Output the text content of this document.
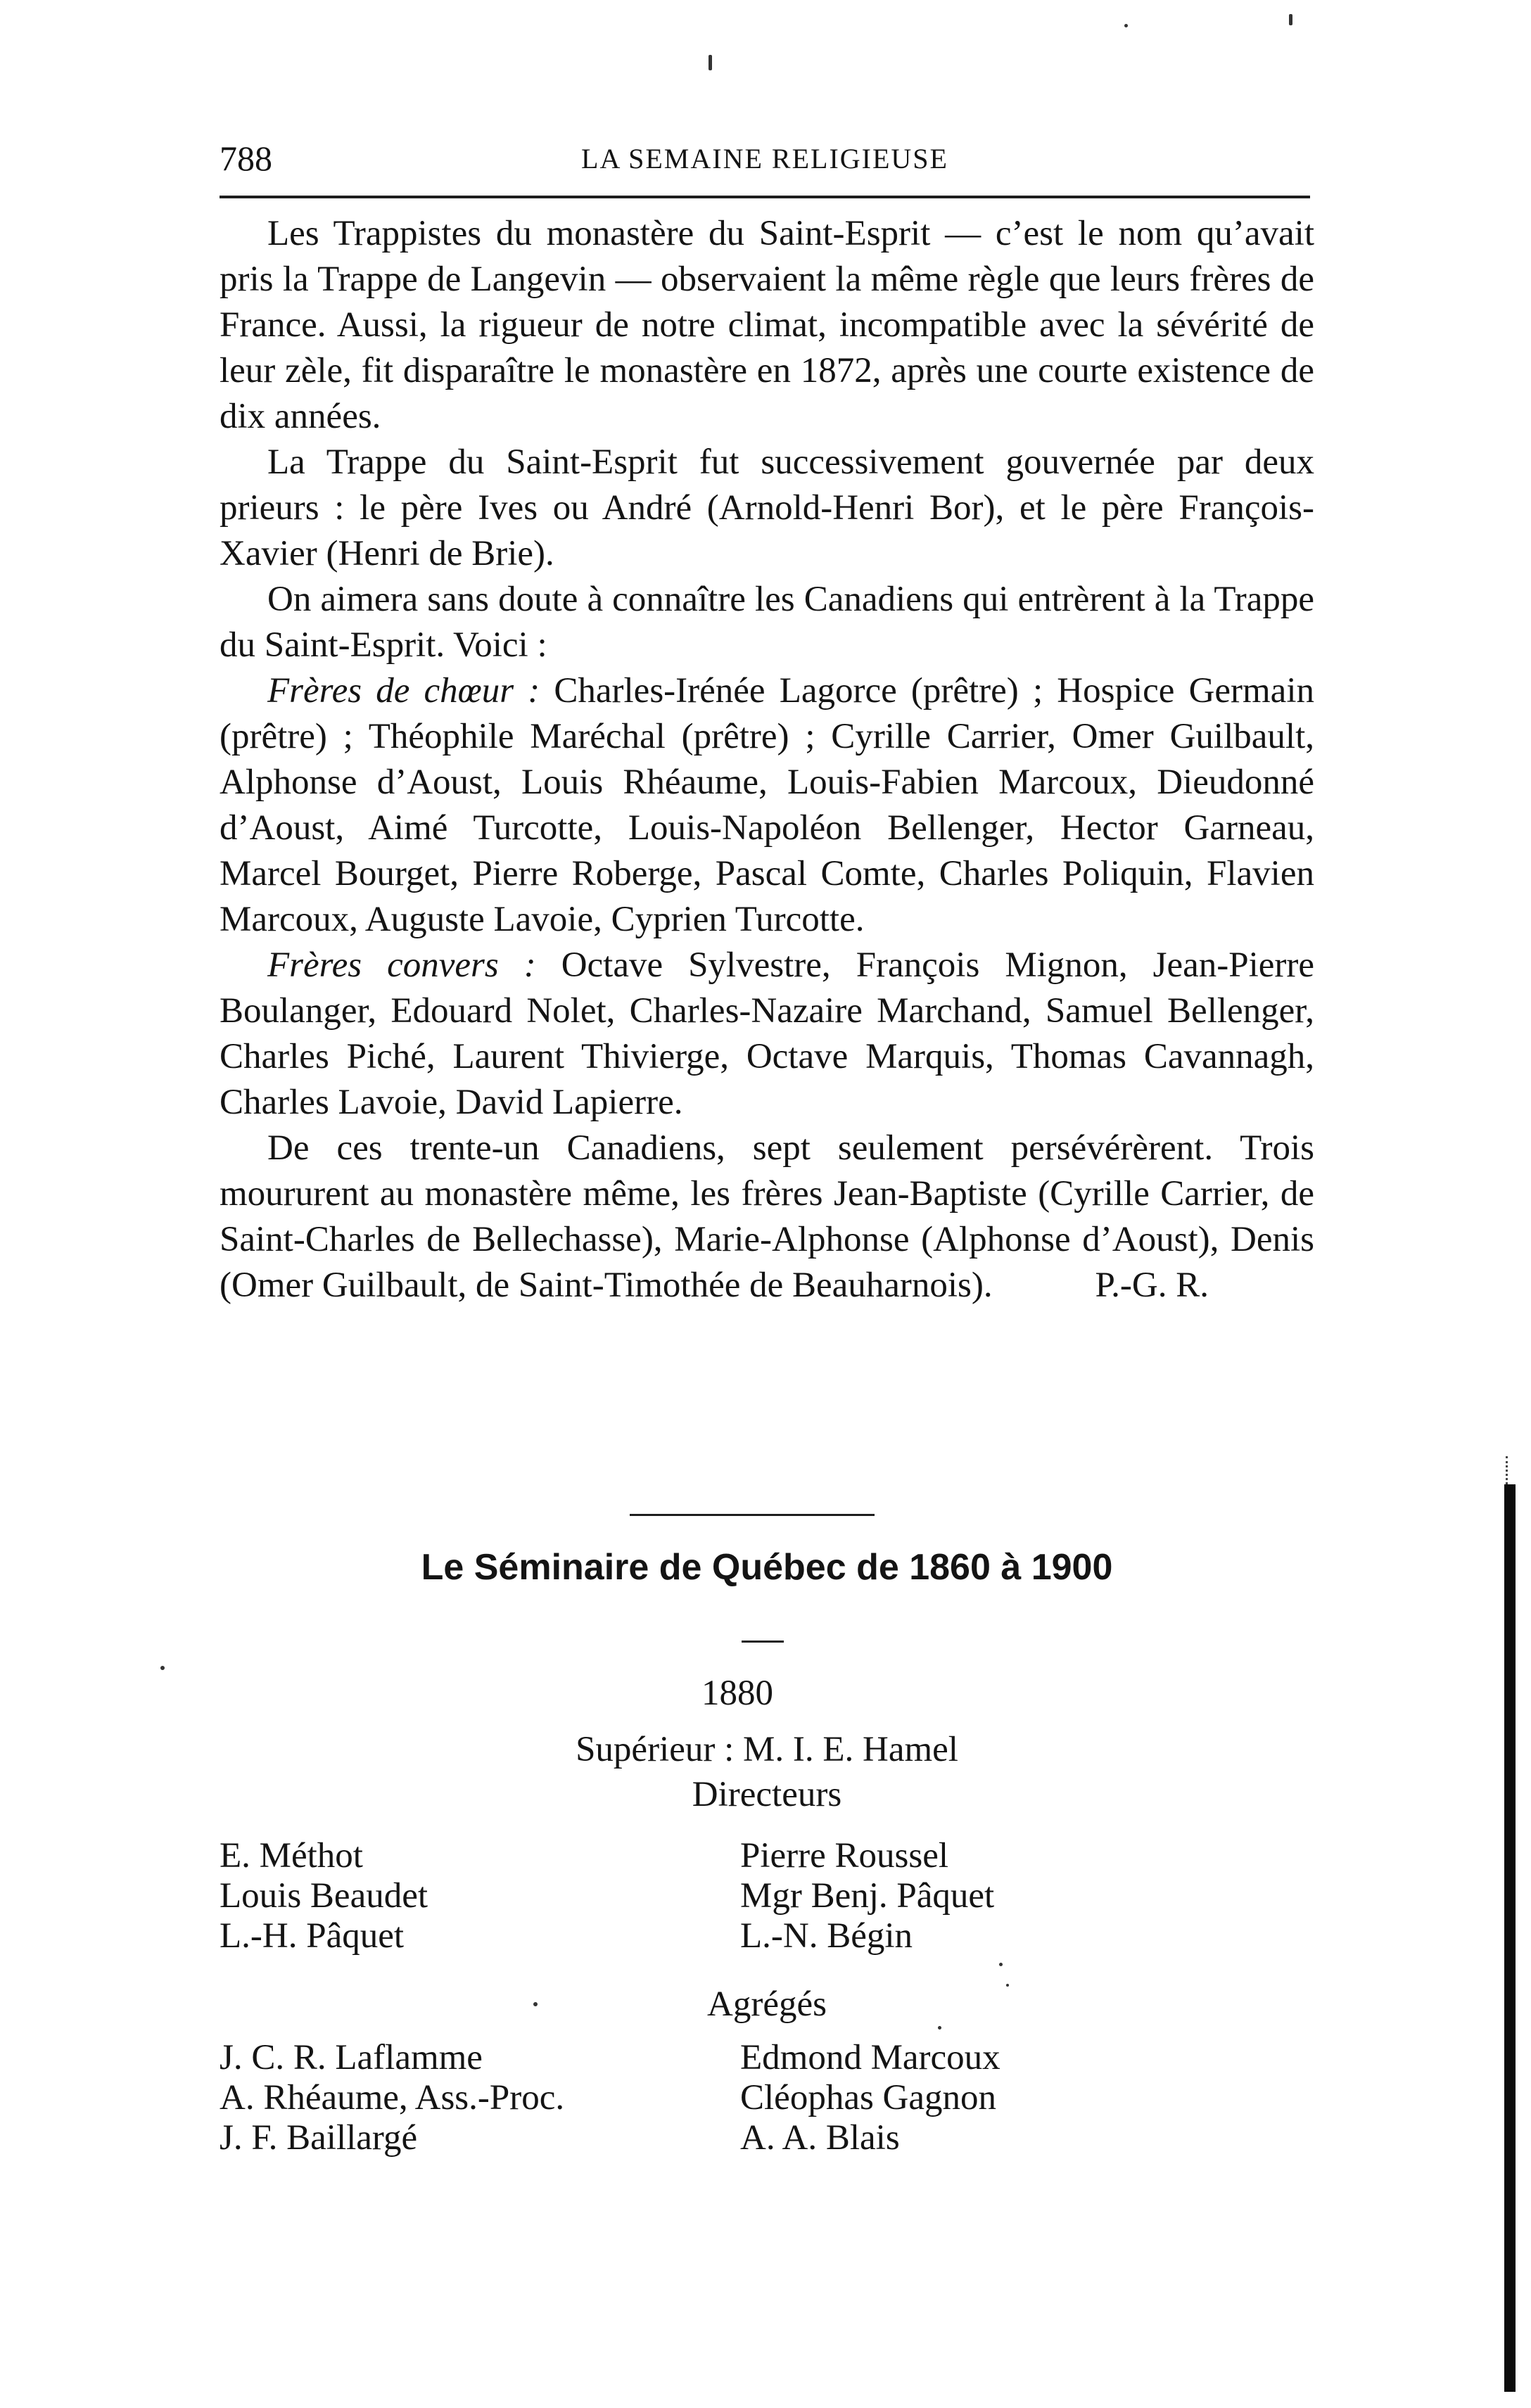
788	LA SEMAINE RELIGIEUSE

Les Trappistes du monastère du Saint-Esprit — c’est le nom qu’avait pris la Trappe de Langevin — observaient la même règle que leurs frères de France. Aussi, la rigueur de notre climat, incompatible avec la sévérité de leur zèle, fit disparaître le monastère en 1872, après une courte existence de dix années.

La Trappe du Saint-Esprit fut successivement gouvernée par deux prieurs : le père Ives ou André (Arnold-Henri Bor), et le père François-Xavier (Henri de Brie).

On aimera sans doute à connaître les Canadiens qui entrèrent à la Trappe du Saint-Esprit. Voici :

Frères de chœur : Charles-Irénée Lagorce (prêtre) ; Hospice Germain (prêtre) ; Théophile Maréchal (prêtre) ; Cyrille Carrier, Omer Guilbault, Alphonse d’Aoust, Louis Rhéaume, Louis-Fabien Marcoux, Dieudonné d’Aoust, Aimé Turcotte, Louis-Napoléon Bellenger, Hector Garneau, Marcel Bourget, Pierre Roberge, Pascal Comte, Charles Poliquin, Flavien Marcoux, Auguste Lavoie, Cyprien Turcotte.

Frères convers : Octave Sylvestre, François Mignon, Jean-Pierre Boulanger, Edouard Nolet, Charles-Nazaire Marchand, Samuel Bellenger, Charles Piché, Laurent Thivierge, Octave Marquis, Thomas Cavannagh, Charles Lavoie, David Lapierre.

De ces trente-un Canadiens, sept seulement persévérèrent. Trois moururent au monastère même, les frères Jean-Baptiste (Cyrille Carrier, de Saint-Charles de Bellechasse), Marie-Alphonse (Alphonse d’Aoust), Denis (Omer Guilbault, de Saint-Timothée de Beauharnois).	P.-G. R.

Le Séminaire de Québec de 1860 à 1900
1880
Supérieur : M. I. E. Hamel
Directeurs
E. Méthot
Louis Beaudet
L.-H. Pâquet
Pierre Roussel
Mgr Benj. Pâquet
L.-N. Bégin
Agrégés
J. C. R. Laflamme
A. Rhéaume, Ass.-Proc.
J. F. Baillargé
Edmond Marcoux
Cléophas Gagnon
A. A. Blais
